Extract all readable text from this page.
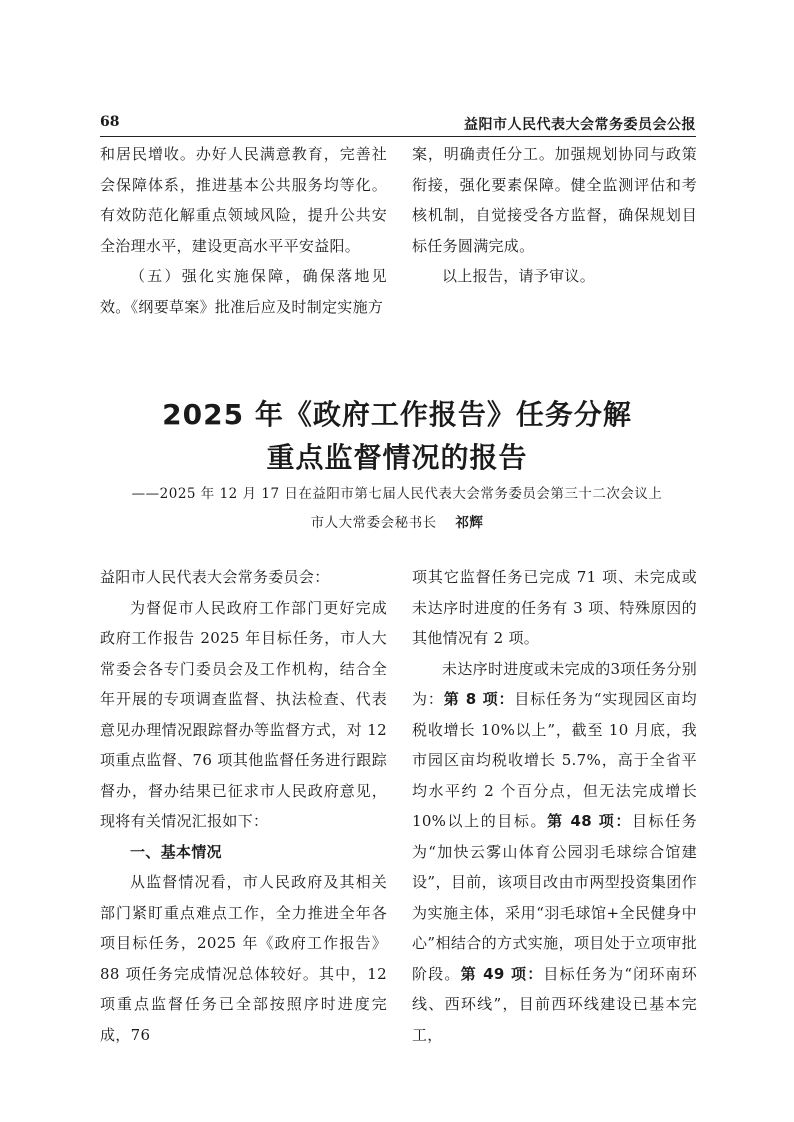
68	益阳市人民代表大会常务委员会公报

和居民增收。办好人民满意教育，完善社会保障体系，推进基本公共服务均等化。有效防范化解重点领域风险，提升公共安全治理水平，建设更高水平平安益阳。

（五）强化实施保障，确保落地见效。《纲要草案》批准后应及时制定实施方

案，明确责任分工。加强规划协同与政策衔接，强化要素保障。健全监测评估和考核机制，自觉接受各方监督，确保规划目标任务圆满完成。

以上报告，请予审议。

2025 年《政府工作报告》任务分解
重点监督情况的报告
——2025 年 12 月 17 日在益阳市第七届人民代表大会常务委员会第三十二次会议上
市人大常委会秘书长 祁辉

益阳市人民代表大会常务委员会：

为督促市人民政府工作部门更好完成政府工作报告 2025 年目标任务，市人大常委会各专门委员会及工作机构，结合全年开展的专项调查监督、执法检查、代表意见办理情况跟踪督办等监督方式，对 12 项重点监督、76 项其他监督任务进行跟踪督办，督办结果已征求市人民政府意见，现将有关情况汇报如下：

一、基本情况

从监督情况看，市人民政府及其相关部门紧盯重点难点工作，全力推进全年各项目标任务，2025 年《政府工作报告》88 项任务完成情况总体较好。其中，12 项重点监督任务已全部按照序时进度完成，76

项其它监督任务已完成 71 项、未完成或未达序时进度的任务有 3 项、特殊原因的其他情况有 2 项。

未达序时进度或未完成的3项任务分别为：第 8 项：目标任务为“实现园区亩均税收增长 10%以上”，截至 10 月底，我市园区亩均税收增长 5.7%，高于全省平均水平约 2 个百分点，但无法完成增长 10%以上的目标。第 48 项：目标任务为“加快云雾山体育公园羽毛球综合馆建设”，目前，该项目改由市两型投资集团作为实施主体，采用“羽毛球馆+全民健身中心”相结合的方式实施，项目处于立项审批阶段。第 49 项：目标任务为“闭环南环线、西环线”，目前西环线建设已基本完工，
